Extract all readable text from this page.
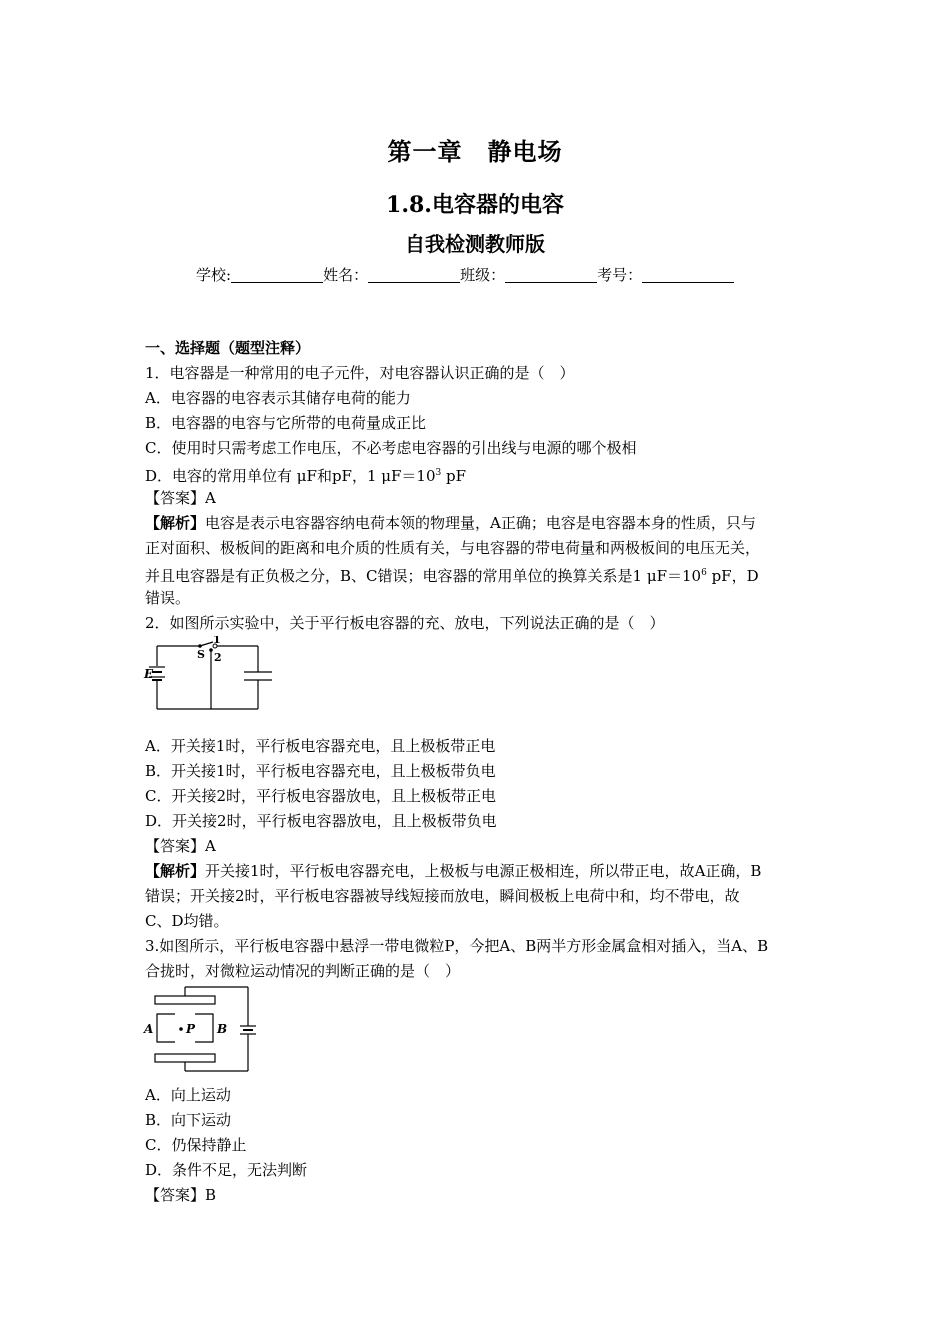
第一章　静电场
1.8.电容器的电容
自我检测教师版
学校:	姓名：	班级：	考号：
一、选择题（题型注释）
1．电容器是一种常用的电子元件，对电容器认识正确的是（　）
A．电容器的电容表示其储存电荷的能力
B．电容器的电容与它所带的电荷量成正比
C．使用时只需考虑工作电压，不必考虑电容器的引出线与电源的哪个极相
D．电容的常用单位有 μF和pF，1 $\mu F=10^3$ pF
【答案】A
【解析】电容是表示电容器容纳电荷本领的物理量，A正确；电容是电容器本身的性质，只与
正对面积、极板间的距离和电介质的性质有关，与电容器的带电荷量和两极板间的电压无关，
并且电容器是有正负极之分，B、C错误；电容器的常用单位的换算关系是1 $\mu F=10^6$ pF，D
错误。
2．如图所示实验中，关于平行板电容器的充、放电，下列说法正确的是（　）
1
S 2
E
A．开关接1时，平行板电容器充电，且上极板带正电
B．开关接1时，平行板电容器充电，且上极板带负电
C．开关接2时，平行板电容器放电，且上极板带正电
D．开关接2时，平行板电容器放电，且上极板带负电
【答案】A
【解析】开关接1时，平行板电容器充电，上极板与电源正极相连，所以带正电，故A正确，B
错误；开关接2时，平行板电容器被导线短接而放电，瞬间极板上电荷中和，均不带电，故
C、D均错。
3.如图所示，平行板电容器中悬浮一带电微粒P，今把A、B两半方形金属盒相对插入，当A、B
合拢时，对微粒运动情况的判断正确的是（　）
A	P B
A．向上运动
B．向下运动
C．仍保持静止
D．条件不足，无法判断
【答案】B
